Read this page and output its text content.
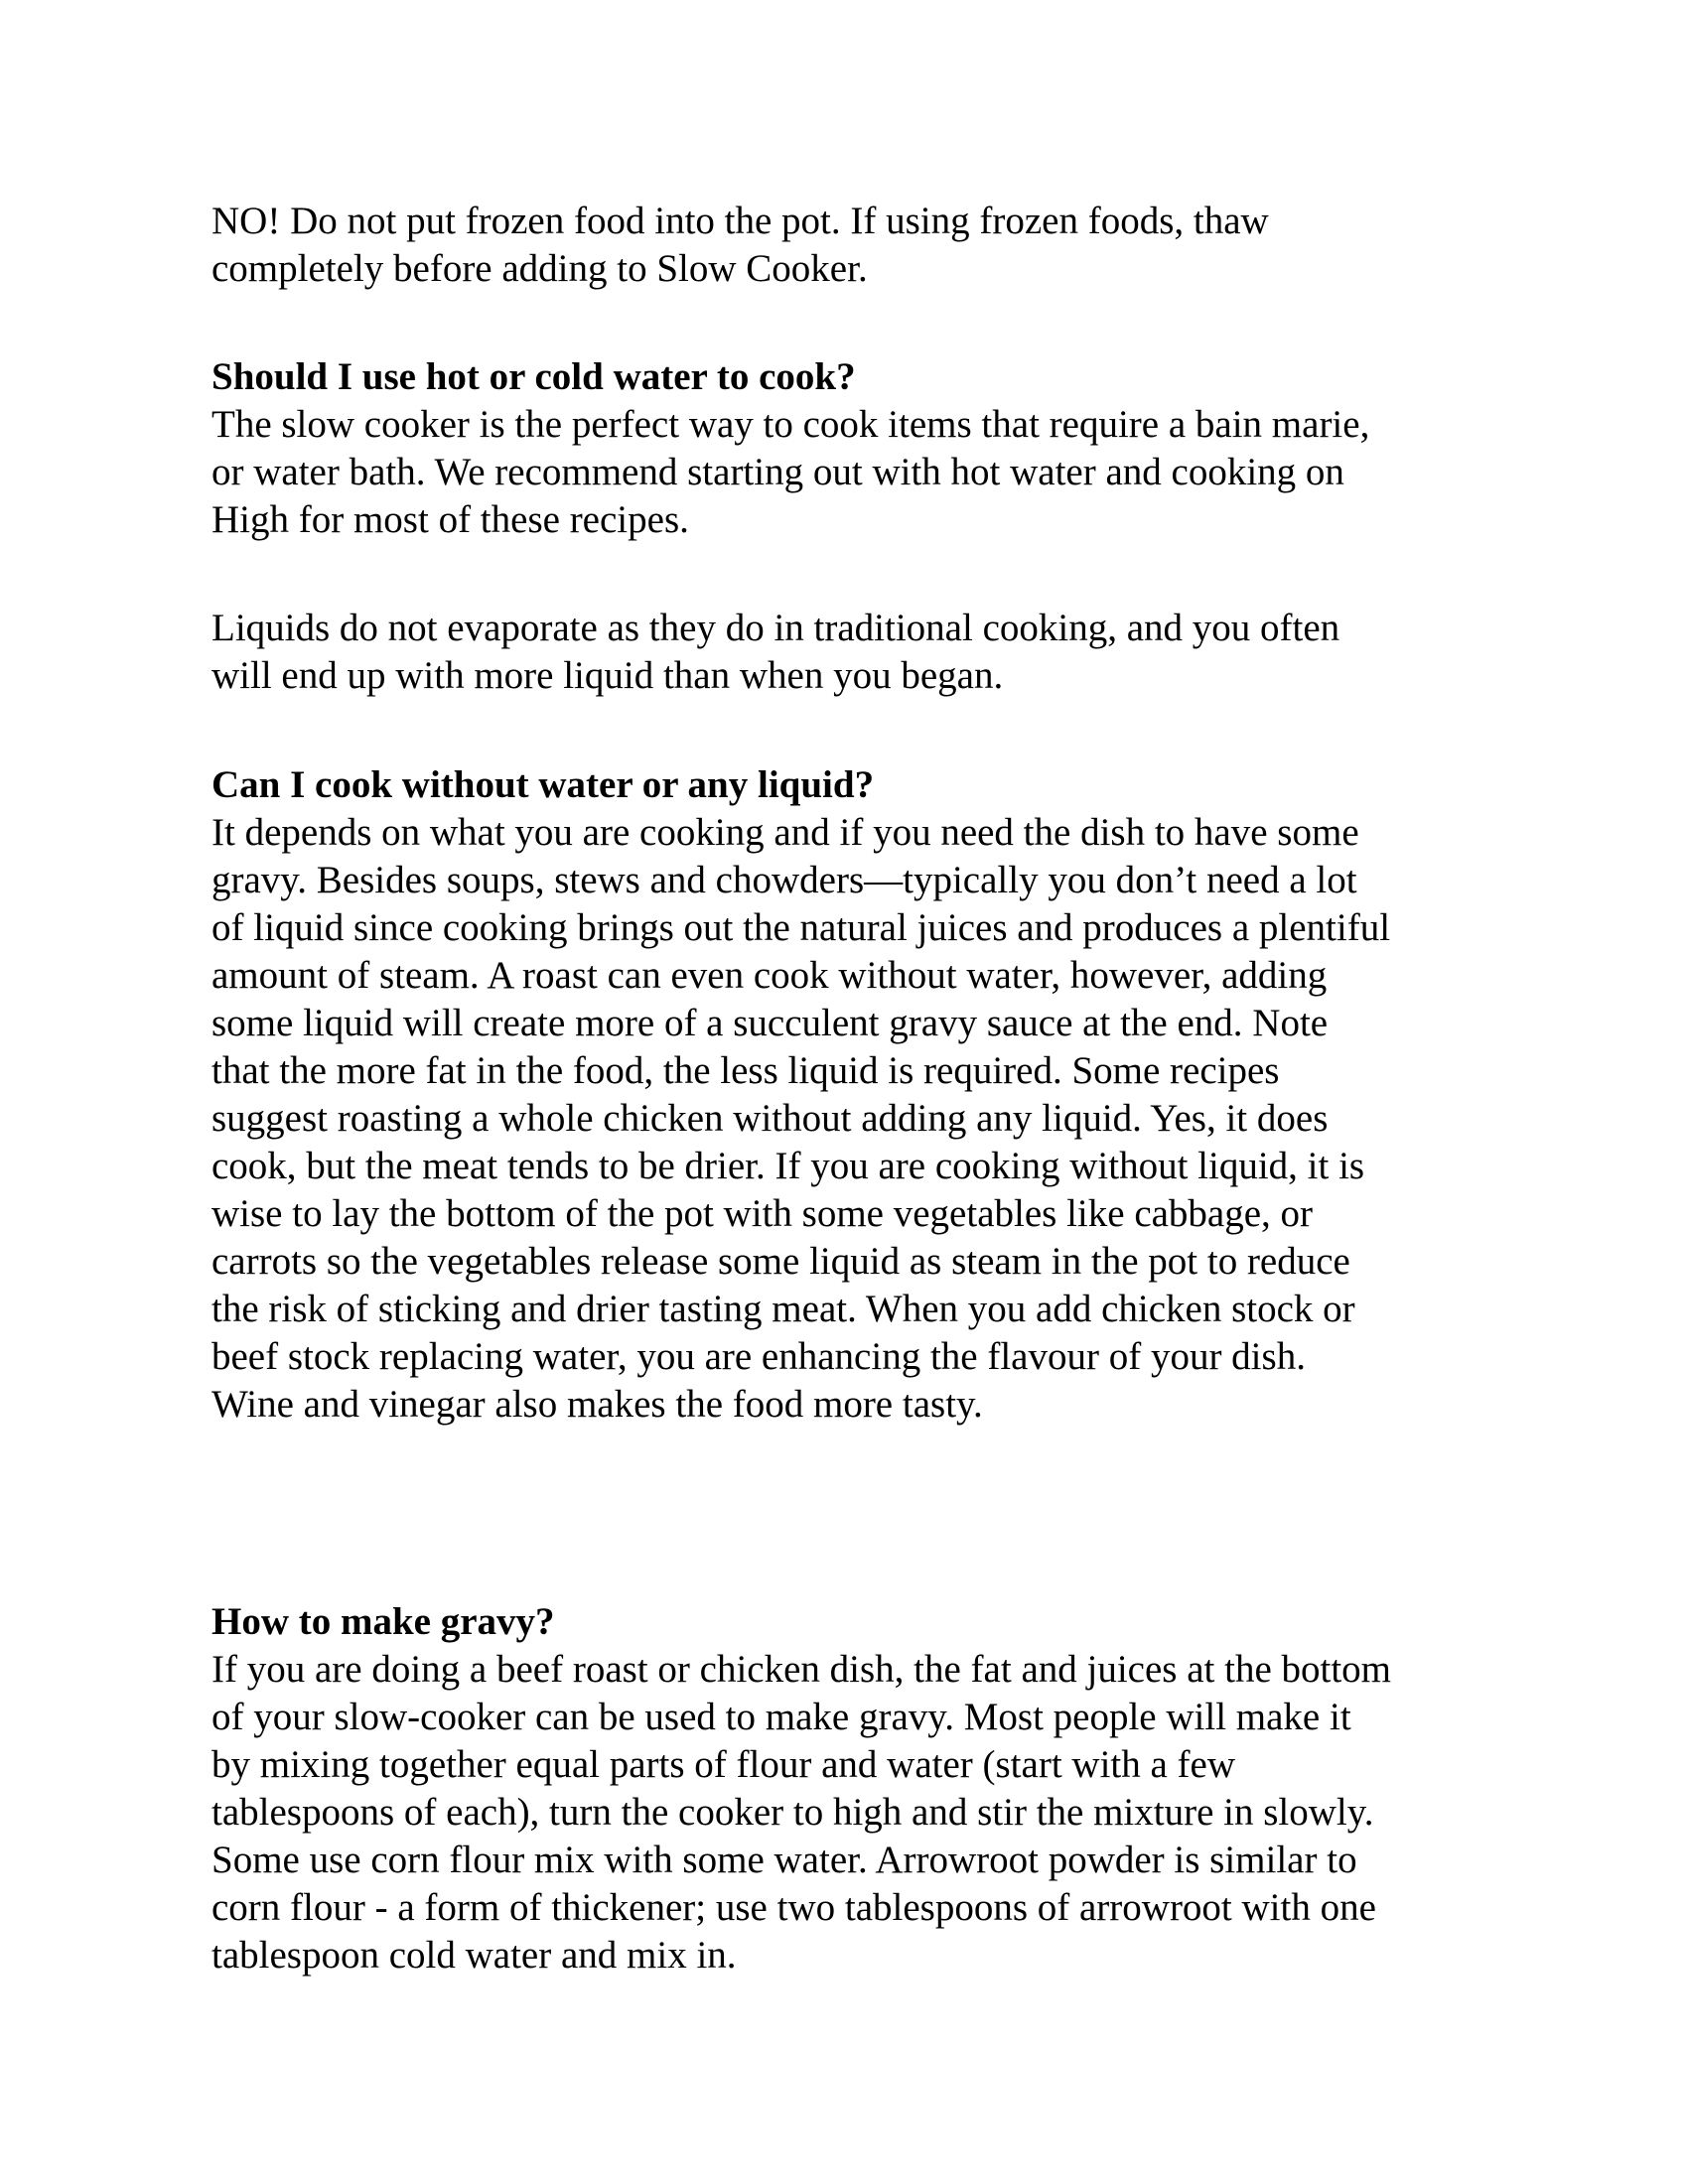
NO! Do not put frozen food into the pot. If using frozen foods, thaw

completely before adding to Slow Cooker.

Should I use hot or cold water to cook?

The slow cooker is the perfect way to cook items that require a bain marie,

or water bath. We recommend starting out with hot water and cooking on

High for most of these recipes.

Liquids do not evaporate as they do in traditional cooking, and you often

will end up with more liquid than when you began.

Can I cook without water or any liquid?

It depends on what you are cooking and if you need the dish to have some

gravy. Besides soups, stews and chowders—typically you don’t need a lot

of liquid since cooking brings out the natural juices and produces a plentiful

amount of steam. A roast can even cook without water, however, adding

some liquid will create more of a succulent gravy sauce at the end. Note

that the more fat in the food, the less liquid is required. Some recipes

suggest roasting a whole chicken without adding any liquid. Yes, it does

cook, but the meat tends to be drier. If you are cooking without liquid, it is

wise to lay the bottom of the pot with some vegetables like cabbage, or

carrots so the vegetables release some liquid as steam in the pot to reduce

the risk of sticking and drier tasting meat. When you add chicken stock or

beef stock replacing water, you are enhancing the flavour of your dish.

Wine and vinegar also makes the food more tasty.

How to make gravy?

If you are doing a beef roast or chicken dish, the fat and juices at the bottom

of your slow-cooker can be used to make gravy. Most people will make it

by mixing together equal parts of flour and water (start with a few

tablespoons of each), turn the cooker to high and stir the mixture in slowly.

Some use corn flour mix with some water. Arrowroot powder is similar to

corn flour - a form of thickener; use two tablespoons of arrowroot with one

tablespoon cold water and mix in.
